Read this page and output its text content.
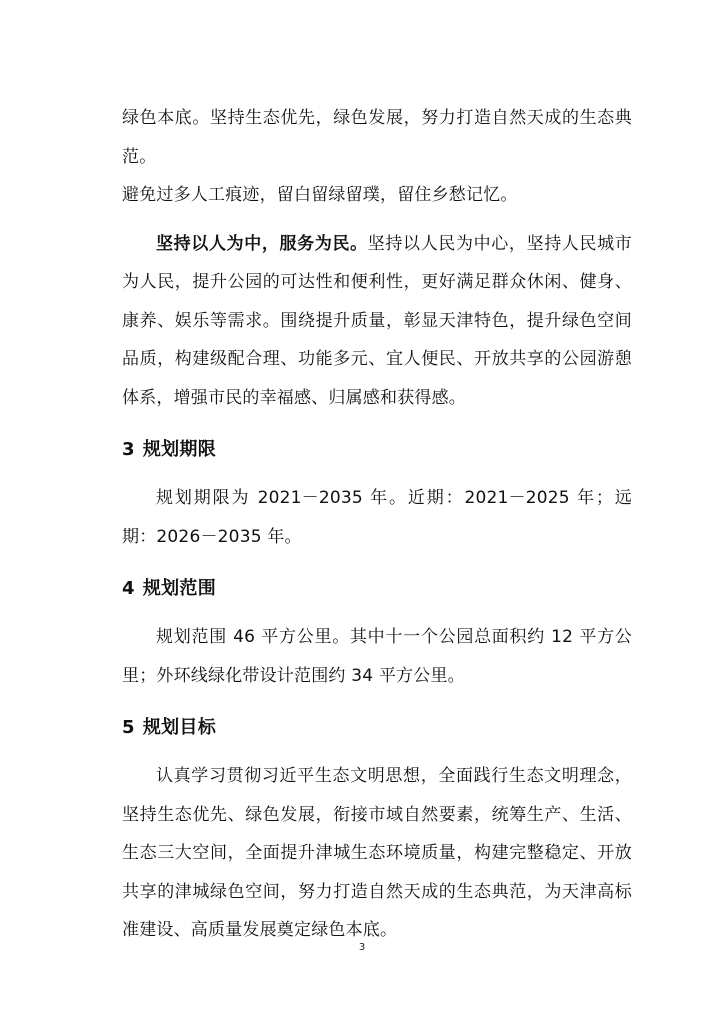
绿色本底。坚持生态优先，绿色发展，努力打造自然天成的生态典范。

避免过多人工痕迹，留白留绿留璞，留住乡愁记忆。

坚持以人为中，服务为民。坚持以人民为中心，坚持人民城市为人民，提升公园的可达性和便利性，更好满足群众休闲、健身、康养、娱乐等需求。围绕提升质量，彰显天津特色，提升绿色空间品质，构建级配合理、功能多元、宜人便民、开放共享的公园游憩体系，增强市民的幸福感、归属感和获得感。

3 规划期限

规划期限为 2021－2035 年。近期：2021－2025 年；远期：2026－2035 年。

4 规划范围

规划范围 46 平方公里。其中十一个公园总面积约 12 平方公里；外环线绿化带设计范围约 34 平方公里。

5 规划目标

认真学习贯彻习近平生态文明思想，全面践行生态文明理念，坚持生态优先、绿色发展，衔接市域自然要素，统筹生产、生活、生态三大空间，全面提升津城生态环境质量，构建完整稳定、开放共享的津城绿色空间，努力打造自然天成的生态典范，为天津高标准建设、高质量发展奠定绿色本底。

3
